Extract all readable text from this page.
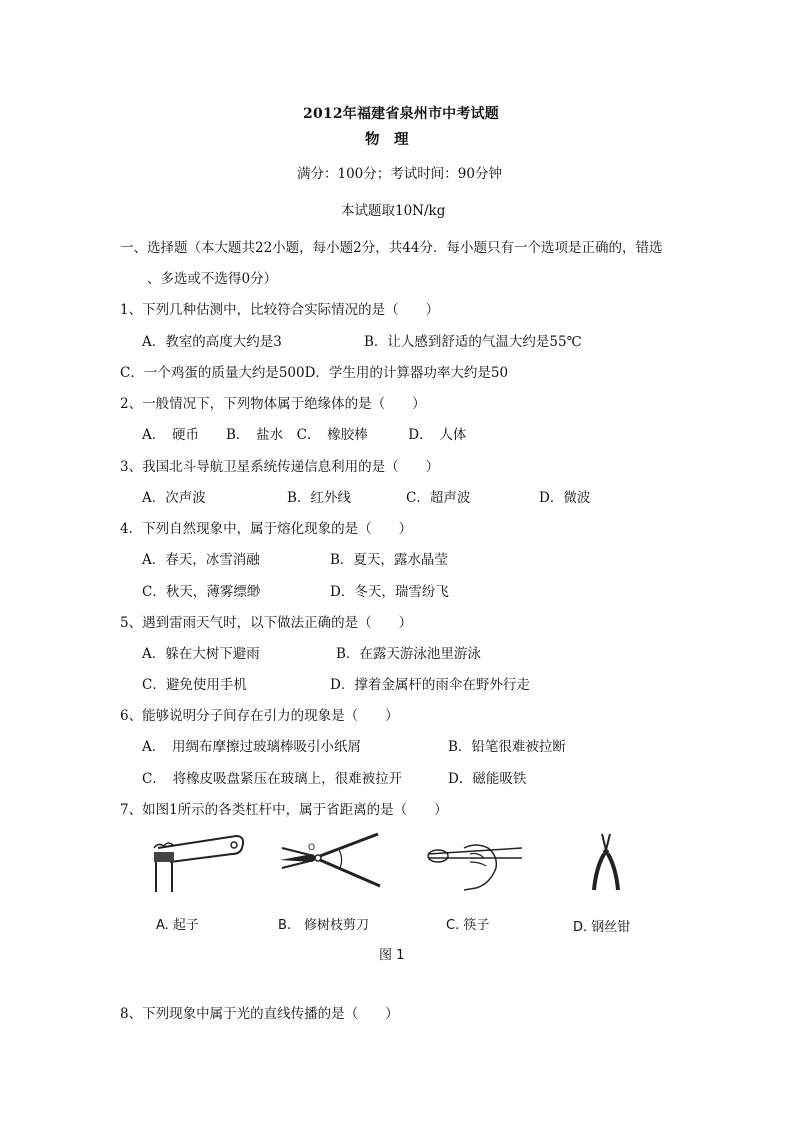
2012年福建省泉州市中考试题
物　理
满分：100分；考试时间：90分钟
本试题取10N/kg
一、选择题（本大题共22小题，每小题2分，共44分．每小题只有一个选项是正确的，错选
、多选或不选得0分）
1、下列几种估测中，比较符合实际情况的是（　　）
A．教室的高度大约是3	B．让人感到舒适的气温大约是55℃
C．一个鸡蛋的质量大约是500D．学生用的计算器功率大约是50
2、一般情况下，下列物体属于绝缘体的是（　　）
A．　硬币　　B．　盐水　C．　橡胶棒　　　D．　人体
3、我国北斗导航卫星系统传递信息利用的是（　　）
A．次声波	B．红外线	C．超声波	D．微波
4．下列自然现象中，属于熔化现象的是（　　）
A．春天，冰雪消融	B．夏天，露水晶莹
C．秋天，薄雾缥缈	D．冬天，瑞雪纷飞
5、遇到雷雨天气时，以下做法正确的是（　　）
A．躲在大树下避雨	B．在露天游泳池里游泳
C．避免使用手机	D．撑着金属杆的雨伞在野外行走
6、能够说明分子间存在引力的现象是（　　）
A．　用绸布摩擦过玻璃棒吸引小纸屑	B．铅笔很难被拉断
C．　将橡皮吸盘紧压在玻璃上，很难被拉开	D．磁能吸铁
7、如图1所示的各类杠杆中，属于省距离的是（　　）
O
A. 起子	B.　修树枝剪刀	C. 筷子	D. 钢丝钳
图 1
8、下列现象中属于光的直线传播的是（　　）
